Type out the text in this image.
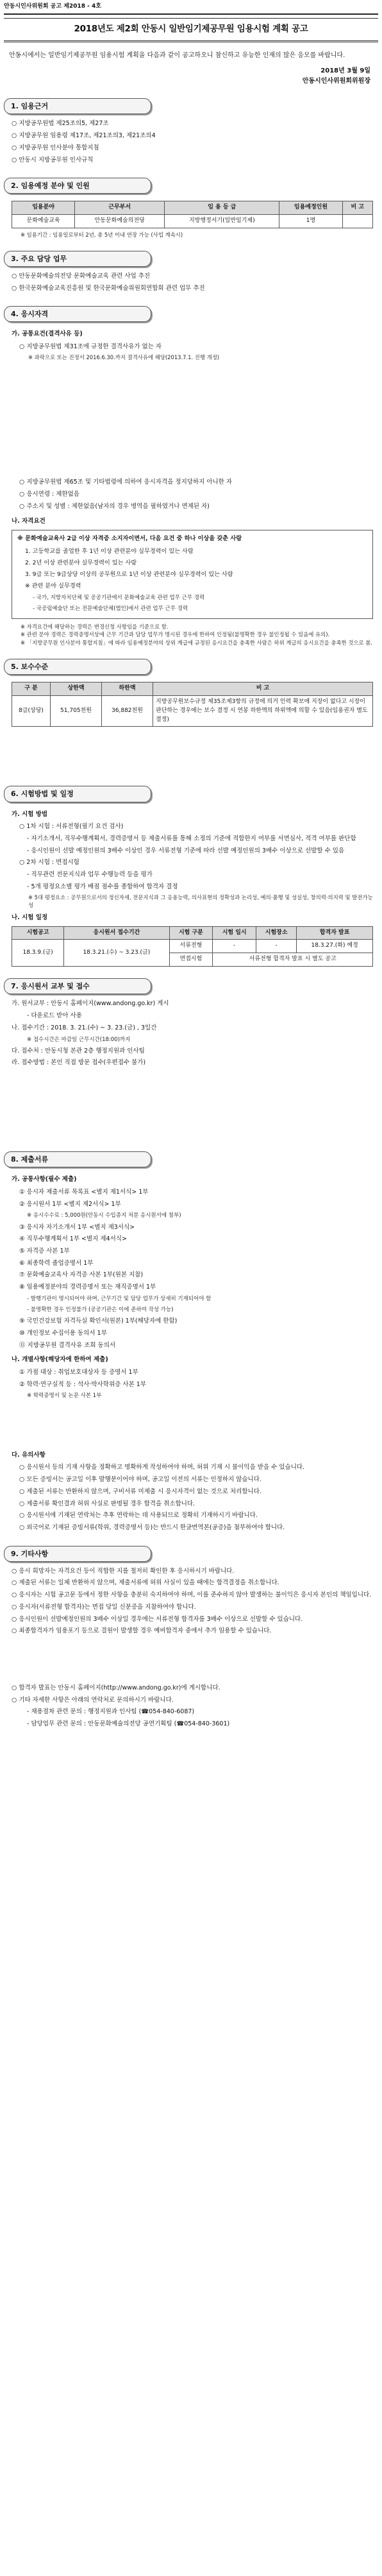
안동시인사위원회 공고 제2018 - 4호
2018년도 제2회 안동시 일반임기제공무원 임용시험 계획 공고
안동시에서는 일반임기제공무원 임용시험 계획을 다음과 같이 공고하오니 참신하고 유능한 인재의 많은 응모를 바랍니다.
2018년 3월 9일
안동시인사위원회위원장
1. 임용근거
○ 지방공무원법 제25조의5, 제27조
○ 지방공무원 임용령 제17조, 제21조의3, 제21조의4
○ 지방공무원 인사분야 통합지침
○ 안동시 지방공무원 인사규칙
2. 임용예정 분야 및 인원
임용분야	근무부서	임 용 등 급	임용예정인원	비 고
문화예술교육	안동문화예술의전당	지방행정서기(일반임기제)	1명	
※ 임용기간 : 임용일로부터 2년, 총 5년 이내 연장 가능 (사업 계속시)
3. 주요 담당 업무
○ 안동문화예술의전당 문화예술교육 관련 사업 추진
○ 한국문화예술교육진흥원 및 한국문화예술위원회연합회 관련 업무 추진
4. 응시자격
가. 공통요건(결격사유 등)
○ 지방공무원법 제31조에 규정한 결격사유가 없는 자
※ 과락으로 또는 진정서 2016.6.30.까지 결격사유에 해당(2013.7.1. 진행 개정)
○ 지방공무원법 제65조 및 기타법령에 의하여 응시자격을 정지당하지 아니한 자
○ 응시연령 : 제한없음
○ 주소지 및 성별 : 제한없음(남자의 경우 병역을 필하였거나 면제된 자)
나. 자격요건
※ 문화예술교육사 2급 이상 자격증 소지자이면서, 다음 요건 중 하나 이상을 갖춘 사람
1. 고등학교를 졸업한 후 1년 이상 관련분야 실무경력이 있는 사람
2. 2년 이상 관련분야 실무경력이 있는 사람
3. 9급 또는 9급상당 이상의 공무원으로 1년 이상 관련분야 실무경력이 있는 사람
※ 관련 분야 실무경력
- 국가, 지방자치단체 및 공공기관에서 문화예술교육 관련 업무 근무 경력
- 국공립예술단 또는 전문예술단체(법인)에서 관련 업무 근무 경력
※ 자격요건에 해당하는 경력은 변경신청 사항임을 기준으로 함.
※ 관련 분야 경력은 경력증명서상에 근무 기간과 담당 업무가 명시된 경우에 한하여 인정됨(불명확한 경우 불인정될 수 있음에 유의).
※ 「지방공무원 인사분야 통합지침」에 따라 임용예정분야의 상위 계급에 규정된 응시요건을 충족한 사람은 하위 계급의 응시요건을 충족한 것으로 봄.
5. 보수수준
구 분	상한액	하한액	비 고
8급(상당)	51,705천원	36,882천원	지방공무원보수규정 제35조제3항의 규정에 의거 인력 확보에 지장이 없다고 시장이 판단하는 경우에는 보수 결정 시 연봉 하한액의 하위액에 의할 수 있음(임용권자 별도 결정)
6. 시험방법 및 일정
가. 시험 방법
○ 1차 시험 : 서류전형(필기 요건 검사)
- 자기소개서, 직무수행계획서, 경력증명서 등 제출서류를 통해 소정의 기준에 적합한지 여부를 서면심사, 적격 여부를 판단함
- 응시인원이 선발 예정인원의 3배수 이상인 경우 서류전형 기준에 따라 선발 예정인원의 3배수 이상으로 선발할 수 있음
○ 2차 시험 : 면접시험
- 직무관련 전문지식과 업무 수행능력 등을 평가
- 5개 평정요소별 평가 배점 점수를 종합하여 합격자 결정
※ 5대 평정요소 : 공무원으로서의 정신자세, 전문지식과 그 응용능력, 의사표현의 정확성과 논리성, 예의·품행 및 성실성, 창의력·의지력 및 발전가능성
나. 시험 일정
시험공고	응시원서 접수기간	시험 구분	시험 일시	시험장소	합격자 발표
18.3.9.(금)	18.3.21.(수) ~ 3.23.(금)	서류전형	-	-	18.3.27.(화) 예정
		면접시험	서류전형 합격자 발표 시 별도 공고		
7. 응시원서 교부 및 접수
가. 원서교부 : 안동시 홈페이지(www.andong.go.kr) 게시
- 다운로드 받아 사용
나. 접수기간 : 2018. 3. 21.(수) ~ 3. 23.(금) , 3일간
※ 접수시간은 마감일 근무시간(18:00)까지
다. 접수처 : 안동시청 본관 2층 행정지원과 인사팀
라. 접수방법 : 본인 직접 방문 접수(우편접수 불가)
8. 제출서류
가. 공통사항(필수 제출)
① 응시자 제출서류 목록표 <별지 제1서식> 1부
② 응시원서 1부 <별지 제2서식> 1부
※ 응시수수료 : 5,000원(안동시 수입증지 처분 응시원서에 첨부)
③ 응시자 자기소개서 1부 <별지 제3서식>
④ 직무수행계획서 1부 <별지 제4서식>
⑤ 자격증 사본 1부
⑥ 최종학력 졸업증명서 1부
⑦ 문화예술교육사 자격증 사본 1부(원본 지참)
⑧ 임용예정분야의 경력증명서 또는 재직증명서 1부
- 발행기관이 명시되어야 하며, 근무기간 및 담당 업무가 상세히 기재되어야 함
- 불명확한 경우 인정불가 (공공기관은 이에 준하여 작성 가능)
⑨ 국민건강보험 자격득실 확인서(원본) 1부(해당자에 한함)
⑩ 개인정보 수집이용 동의서 1부
⑪ 지방공무원 결격사유 조회 동의서
나. 개별사항(해당자에 한하여 제출)
① 가점 대상 : 취업보호대상자 등 증명서 1부
② 학력·연구실적 등 : 석사·박사학위증 사본 1부
※ 학력증명서 및 논문 사본 1부
다. 유의사항
○ 응시원서 등의 기재 사항을 정확하고 명확하게 작성하여야 하며, 허위 기재 시 불이익을 받을 수 있습니다.
○ 모든 증빙서는 공고일 이후 발행분이어야 하며, 공고일 이전의 서류는 인정하지 않습니다.
○ 제출된 서류는 반환하지 않으며, 구비서류 미제출 시 응시자격이 없는 것으로 처리합니다.
○ 제출서류 확인결과 허위 사실로 판명될 경우 합격을 취소합니다.
○ 응시원서에 기재된 연락처는 추후 연락하는 데 사용되므로 정확히 기재하시기 바랍니다.
○ 외국어로 기재된 증빙서류(학위, 경력증명서 등)는 반드시 한글번역본(공증)을 첨부하여야 합니다.
9. 기타사항
○ 응시 희망자는 자격요건 등이 적합한 지를 철저히 확인한 후 응시하시기 바랍니다.
○ 제출된 서류는 일체 반환하지 않으며, 제출서류에 허위 사실이 있을 때에는 합격결정을 취소합니다.
○ 응시자는 시험 공고문 등에서 정한 사항을 충분히 숙지하여야 하며, 이를 준수하지 않아 발생하는 불이익은 응시자 본인의 책임입니다.
○ 응시자(서류전형 합격자)는 면접 당일 신분증을 지참하여야 합니다.
○ 응시인원이 선발예정인원의 3배수 이상일 경우에는 서류전형 합격자를 3배수 이상으로 선발할 수 있습니다.
○ 최종합격자가 임용포기 등으로 결원이 발생할 경우 예비합격자 중에서 추가 임용할 수 있습니다.
○ 합격자 발표는 안동시 홈페이지(http://www.andong.go.kr)에 게시합니다.
○ 기타 자세한 사항은 아래의 연락처로 문의하시기 바랍니다.
- 채용절차 관련 문의 : 행정지원과 인사팀 (☎054-840-6087)
- 담당업무 관련 문의 : 안동문화예술의전당 공연기획팀 (☎054-840-3601)
